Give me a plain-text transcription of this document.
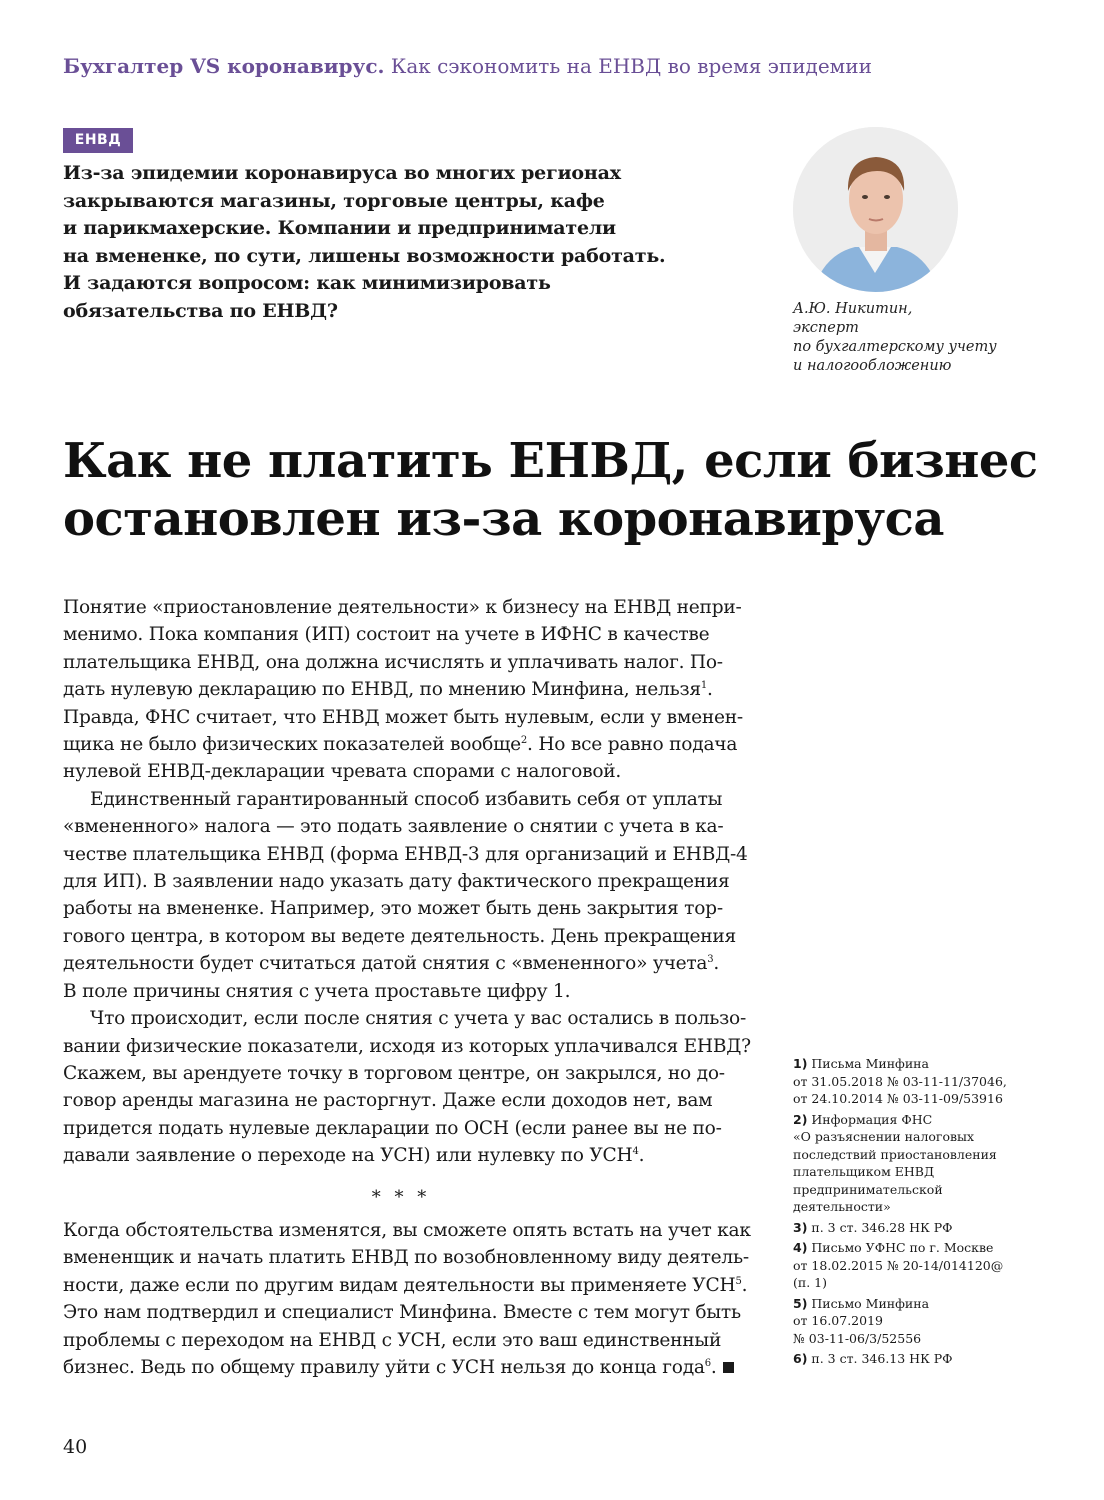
Бухгалтер VS коронавирус. Как сэкономить на ЕНВД во время эпидемии
ЕНВД
Из-за эпидемии коронавируса во многих регионах
закрываются магазины, торговые центры, кафе
и парикмахерские. Компании и предприниматели
на вмененке, по сути, лишены возможности работать.
И задаются вопросом: как минимизировать
обязательства по ЕНВД?	А.Ю. Никитин,
эксперт
по бухгалтерскому учету
и налогообложению
Как не платить ЕНВД, если бизнес
остановлен из-за коронавируса

Понятие «приостановление деятельности» к бизнесу на ЕНВД непри-
менимо. Пока компания (ИП) состоит на учете в ИФНС в качестве
плательщика ЕНВД, она должна исчислять и уплачивать налог. По-
дать нулевую декларацию по ЕНВД, по мнению Минфина, нельзя$^1$.
Правда, ФНС считает, что ЕНВД может быть нулевым, если у вменен-
щика не было физических показателей вообще$^2$. Но все равно подача
нулевой ЕНВД-декларации чревата спорами с налоговой.

Единственный гарантированный способ избавить себя от уплаты
«вмененного» налога — это подать заявление о снятии с учета в ка-
честве плательщика ЕНВД (форма ЕНВД-3 для организаций и ЕНВД-4
для ИП). В заявлении надо указать дату фактического прекращения
работы на вмененке. Например, это может быть день закрытия тор-
гового центра, в котором вы ведете деятельность. День прекращения
деятельности будет считаться датой снятия с «вмененного» учета$^3$.
В поле причины снятия с учета проставьте цифру 1.

Что происходит, если после снятия с учета у вас остались в пользо-
вании физические показатели, исходя из которых уплачивался ЕНВД?
Скажем, вы арендуете точку в торговом центре, он закрылся, но до-
говор аренды магазина не расторгнут. Даже если доходов нет, вам
придется подать нулевые декларации по ОСН (если ранее вы не по-
давали заявление о переходе на УСН) или нулевку по УСН$^4$.

* * *

Когда обстоятельства изменятся, вы сможете опять встать на учет как
вмененщик и начать платить ЕНВД по возобновленному виду деятель-
ности, даже если по другим видам деятельности вы применяете УСН$^5$.
Это нам подтвердил и специалист Минфина. Вместе с тем могут быть
проблемы с переходом на ЕНВД с УСН, если это ваш единственный
бизнес. Ведь по общему правилу уйти с УСН нельзя до конца года$^6$.

1) Письма Минфина
от 31.05.2018 № 03-11-11/37046,
от 24.10.2014 № 03-11-09/53916
2) Информация ФНС
«О разъяснении налоговых
последствий приостановления
плательщиком ЕНВД
предпринимательской
деятельности»
3) п. 3 ст. 346.28 НК РФ
4) Письмо УФНС по г. Москве
от 18.02.2015 № 20-14/014120@
(п. 1)
5) Письмо Минфина
от 16.07.2019
№ 03-11-06/3/52556
6) п. 3 ст. 346.13 НК РФ
40
